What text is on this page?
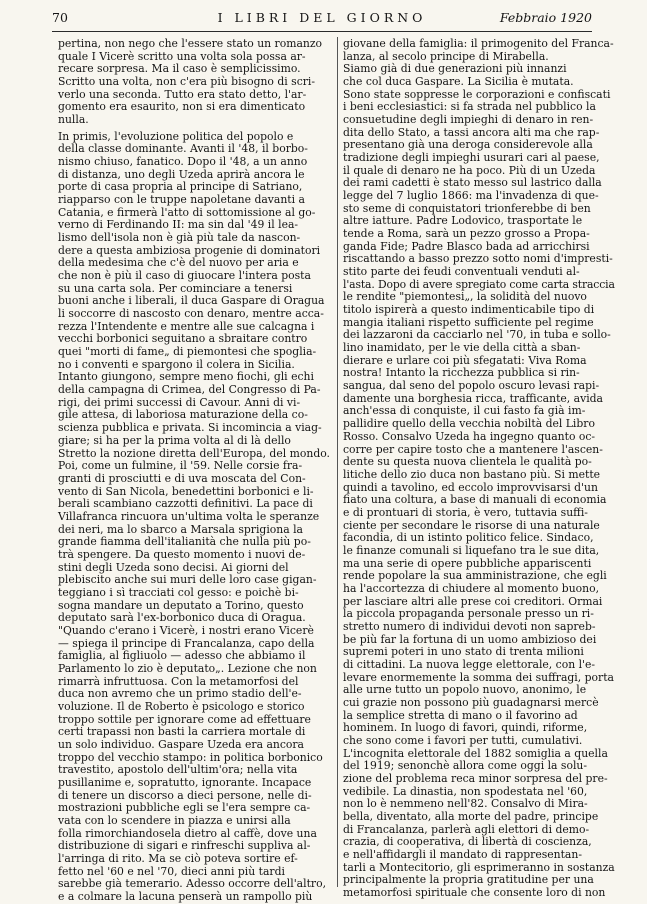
70	I LIBRI DEL GIORNO	Febbraio 1920
pertina, non nego che l'essere stato un romanzo
quale I Vicerè scritto una volta sola possa ar-
recare sorpresa. Ma il caso è semplicissimo.
Scritto una volta, non c'era più bisogno di scri-
verlo una seconda. Tutto era stato detto, l'ar-
gomento era esaurito, non si era dimenticato
nulla.
In primis, l'evoluzione politica del popolo e
della classe dominante. Avanti il '48, il borbo-
nismo chiuso, fanatico. Dopo il '48, a un anno
di distanza, uno degli Uzeda aprirà ancora le
porte di casa propria al principe di Satriano,
riapparso con le truppe napoletane davanti a
Catania, e firmerà l'atto di sottomissione al go-
verno di Ferdinando II: ma sin dal '49 il lea-
lismo dell'isola non è già più tale da nascon-
dere a questa ambiziosa progenie di dominatori
della medesima che c'è del nuovo per aria e
che non è più il caso di giuocare l'intera posta
su una carta sola. Per cominciare a tenersi
buoni anche i liberali, il duca Gaspare di Oragua
li soccorre di nascosto con denaro, mentre acca-
rezza l'Intendente e mentre alle sue calcagna i
vecchi borbonici seguitano a sbraitare contro
quei "morti di fame„ di piemontesi che spoglia-
no i conventi e spargono il colera in Sicilia.
Intanto giungono, sempre meno fiochi, gli echi
della campagna di Crimea, del Congresso di Pa-
rigi, dei primi successi di Cavour. Anni di vi-
gile attesa, di laboriosa maturazione della co-
scienza pubblica e privata. Si incomincia a viag-
giare; si ha per la prima volta al di là dello
Stretto la nozione diretta dell'Europa, del mondo.
Poi, come un fulmine, il '59. Nelle corsie fra-
granti di prosciutti e di uva moscata del Con-
vento di San Nicola, benedettini borbonici e li-
berali scambiano cazzotti definitivi. La pace di
Villafranca rincuora un'ultima volta le speranze
dei neri, ma lo sbarco a Marsala sprigiona la
grande fiamma dell'italianità che nulla più po-
trà spengere. Da questo momento i nuovi de-
stini degli Uzeda sono decisi. Ai giorni del
plebiscito anche sui muri delle loro case gigan-
teggiano i sì tracciati col gesso: e poichè bi-
sogna mandare un deputato a Torino, questo
deputato sarà l'ex-borbonico duca di Oragua.
"Quando c'erano i Vicerè, i nostri erano Vicerè
— spiega il principe di Francalanza, capo della
famiglia, al figliuolo — adesso che abbiamo il
Parlamento lo zio è deputato„. Lezione che non
rimarrà infruttuosa. Con la metamorfosi del
duca non avremo che un primo stadio dell'e-
voluzione. Il de Roberto è psicologo e storico
troppo sottile per ignorare come ad effettuare
certi trapassi non basti la carriera mortale di
un solo individuo. Gaspare Uzeda era ancora
troppo del vecchio stampo: in politica borbonico
travestito, apostolo dell'ultim'ora; nella vita
pusillanime e, sopratutto, ignorante. Incapace
di tenere un discorso a dieci persone, nelle di-
mostrazioni pubbliche egli se l'era sempre ca-
vata con lo scendere in piazza e unirsi alla
folla rimorchiandosela dietro al caffè, dove una
distribuzione di sigari e rinfreschi suppliva al-
l'arringa di rito. Ma se ciò poteva sortire ef-
fetto nel '60 e nel '70, dieci anni più tardi
sarebbe già temerario. Adesso occorre dell'altro,
e a colmare la lacuna penserà un rampollo più
giovane della famiglia: il primogenito del Franca-
lanza, al secolo principe di Mirabella.
Siamo già di due generazioni più innanzi
che col duca Gaspare. La Sicilia è mutata.
Sono state soppresse le corporazioni e confiscati
i beni ecclesiastici: si fa strada nel pubblico la
consuetudine degli impieghi di denaro in ren-
dita dello Stato, a tassi ancora alti ma che rap-
presentano già una deroga considerevole alla
tradizione degli impieghi usurari cari al paese,
il quale di denaro ne ha poco. Più di un Uzeda
dei rami cadetti è stato messo sul lastrico dalla
legge del 7 luglio 1866: ma l'invadenza di que-
sto seme di conquistatori trionferebbe di ben
altre iatture. Padre Lodovico, trasportate le
tende a Roma, sarà un pezzo grosso a Propa-
ganda Fide; Padre Blasco bada ad arricchirsi
riscattando a basso prezzo sotto nomi d'impresti-
stito parte dei feudi conventuali venduti al-
l'asta. Dopo di avere spregiato come carta straccia
le rendite "piemontesi„, la solidità del nuovo
titolo ispirerà a questo indimenticabile tipo di
mangia italiani rispetto sufficiente pel regime
dei lazzaroni da cacciarlo nel '70, in tuba e sollo-
lino inamidato, per le vie della città a sban-
dierare e urlare coi più sfegatati: Viva Roma
nostra! Intanto la ricchezza pubblica si rin-
sangua, dal seno del popolo oscuro levasi rapi-
damente una borghesia ricca, trafficante, avida
anch'essa di conquiste, il cui fasto fa già im-
pallidire quello della vecchia nobiltà del Libro
Rosso. Consalvo Uzeda ha ingegno quanto oc-
corre per capire tosto che a mantenere l'ascen-
dente su questa nuova clientela le qualità po-
litiche dello zio duca non bastano più. Si mette
quindi a tavolino, ed eccolo improvvisarsi d'un
fiato una coltura, a base di manuali di economia
e di prontuari di storia, è vero, tuttavia suffi-
ciente per secondare le risorse di una naturale
facondia, di un istinto politico felice. Sindaco,
le finanze comunali si liquefano tra le sue dita,
ma una serie di opere pubbliche appariscenti
rende popolare la sua amministrazione, che egli
ha l'accortezza di chiudere al momento buono,
per lasciare altri alle prese coi creditori. Ormai
la piccola propaganda personale presso un ri-
stretto numero di individui devoti non sapreb-
be più far la fortuna di un uomo ambizioso dei
supremi poteri in uno stato di trenta milioni
di cittadini. La nuova legge elettorale, con l'e-
levare enormemente la somma dei suffragi, porta
alle urne tutto un popolo nuovo, anonimo, le
cui grazie non possono più guadagnarsi mercè
la semplice stretta di mano o il favorino ad
hominem. In luogo di favori, quindi, riforme,
che sono come i favori per tutti, cumulativi.
L'incognita elettorale del 1882 somiglia a quella
del 1919; senonchè allora come oggi la solu-
zione del problema reca minor sorpresa del pre-
vedibile. La dinastia, non spodestata nel '60,
non lo è nemmeno nell'82. Consalvo di Mira-
bella, diventato, alla morte del padre, principe
di Francalanza, parlerà agli elettori di demo-
crazia, di cooperativa, di libertà di coscienza,
e nell'affidargli il mandato di rappresentan-
tarli a Montecitorio, gli esprimeranno in sostanza
principalmente la propria gratitudine per una
metamorfosi spirituale che consente loro di non
